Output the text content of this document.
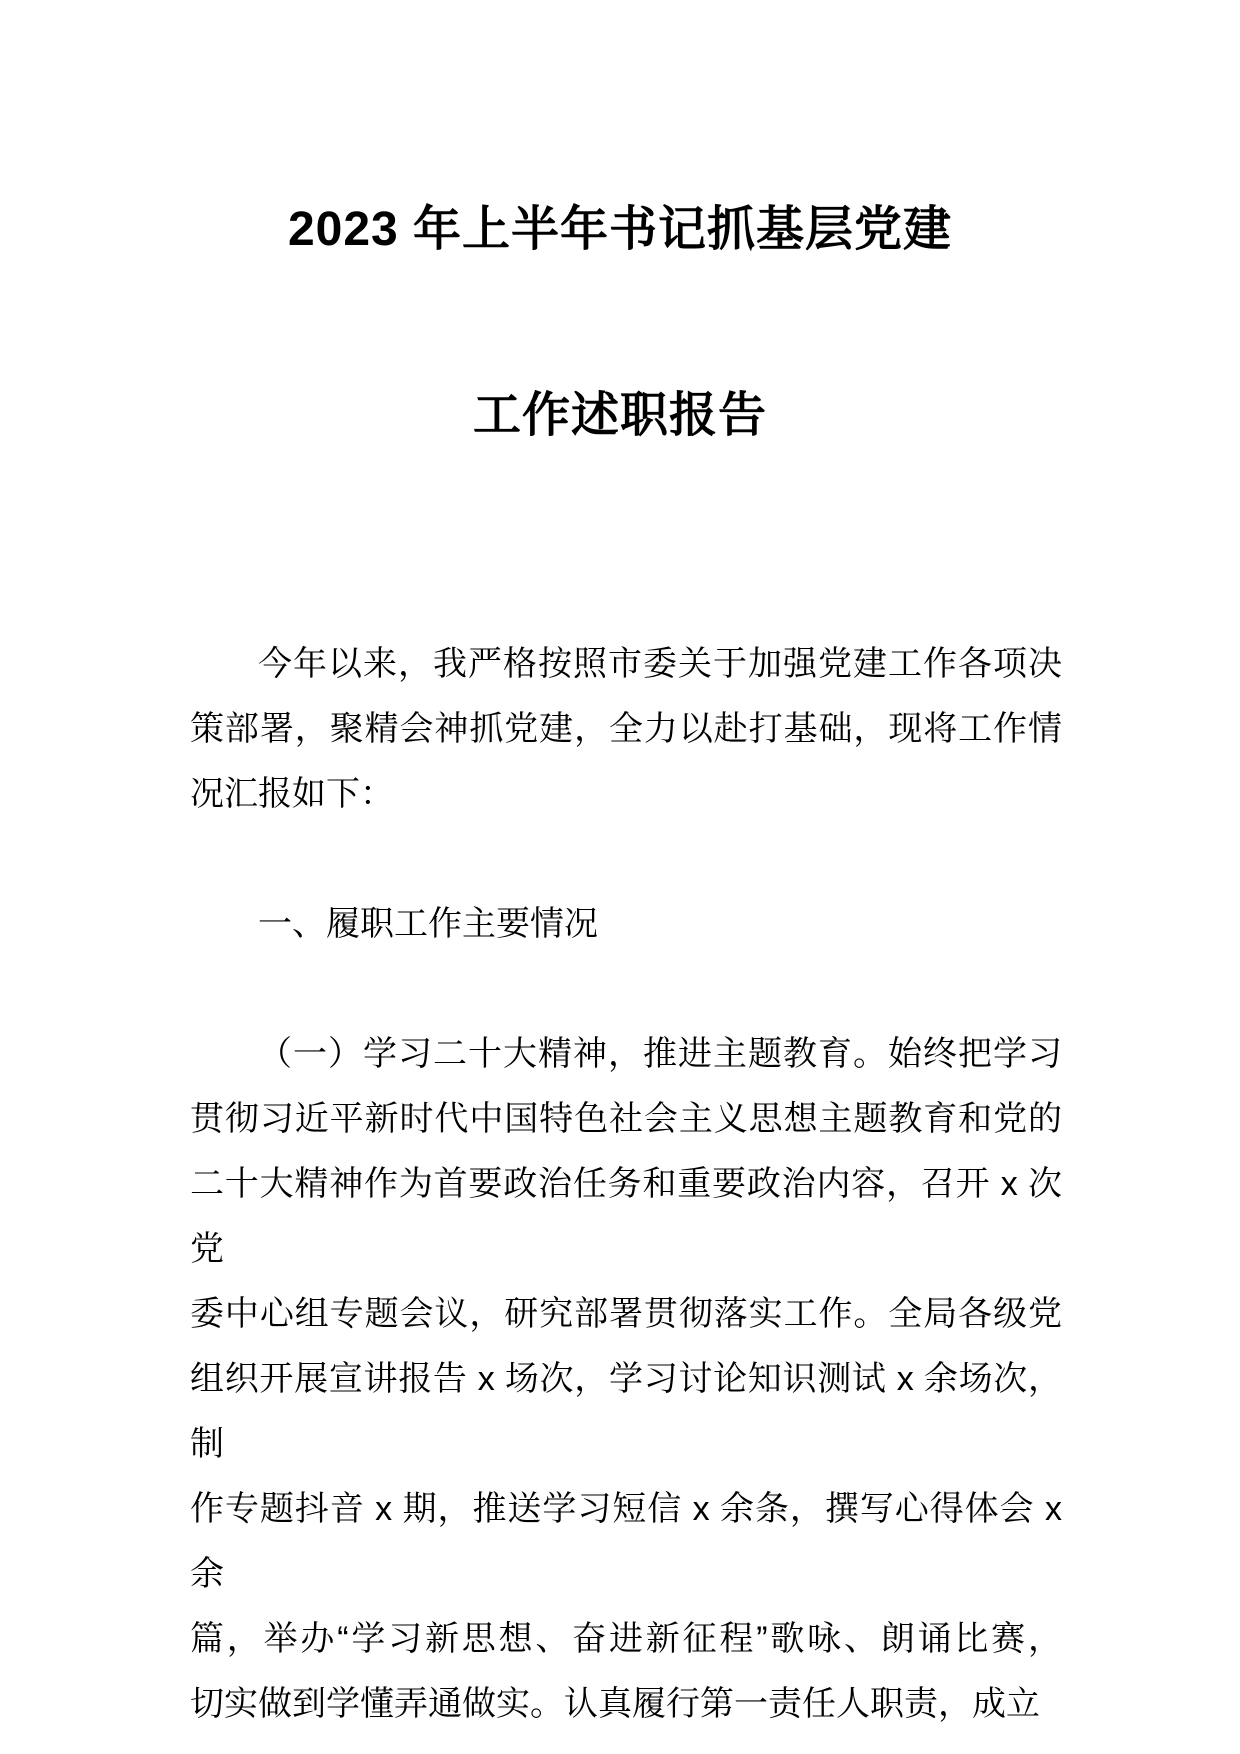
2023 年上半年书记抓基层党建
工作述职报告

今年以来，我严格按照市委关于加强党建工作各项决

策部署，聚精会神抓党建，全力以赴打基础，现将工作情

况汇报如下：

一、履职工作主要情况

（一）学习二十大精神，推进主题教育。始终把学习

贯彻习近平新时代中国特色社会主义思想主题教育和党的

二十大精神作为首要政治任务和重要政治内容，召开 x 次党

委中心组专题会议，研究部署贯彻落实工作。全局各级党

组织开展宣讲报告 x 场次，学习讨论知识测试 x 余场次，制

作专题抖音 x 期，推送学习短信 x 余条，撰写心得体会 x 余

篇，举办“学习新思想、奋进新征程”歌咏、朗诵比赛，

切实做到学懂弄通做实。认真履行第一责任人职责，成立
